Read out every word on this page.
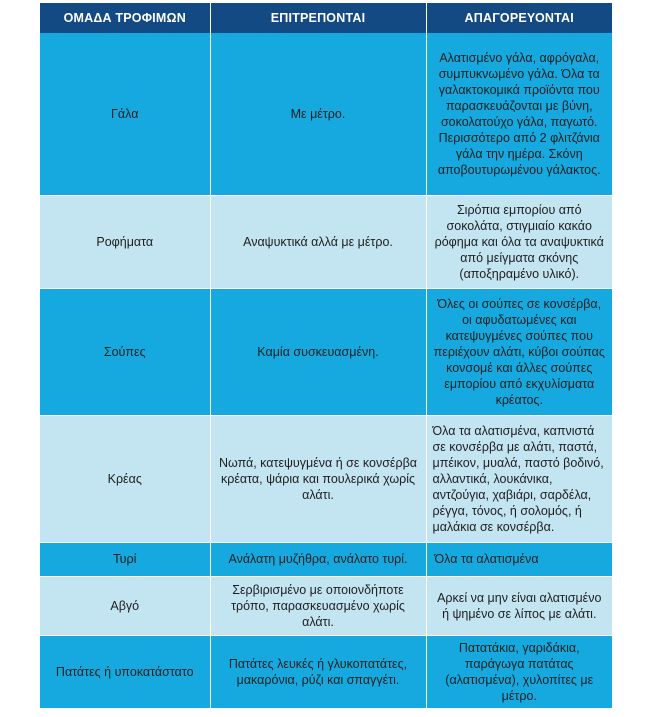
ΟΜΑΔΑ ΤΡΟΦΙΜΩΝ	ΕΠΙΤΡΕΠΟΝΤΑΙ	ΑΠΑΓΟΡΕΥΟΝΤΑΙ
Γάλα	Με μέτρο.	Αλατισμένο γάλα, αφρόγαλα, συμπυκνωμένο γάλα. Όλα τα γαλακτοκομικά προϊόντα που παρασκευάζονται με βύνη, σοκολατούχο γάλα, παγωτό. Περισσότερο από 2 φλιτζάνια γάλα την ημέρα. Σκόνη αποβουτυρωμένου γάλακτος.
Ροφήματα	Αναψυκτικά αλλά με μέτρο.	Σιρόπια εμπορίου από σοκολάτα, στιγμιαίο κακάο ρόφημα και όλα τα αναψυκτικά από μείγματα σκόνης (αποξηραμένο υλικό).
Σούπες	Καμία συσκευασμένη.	Όλες οι σούπες σε κονσέρβα, οι αφυδατωμένες και κατεψυγμένες σούπες που περιέχουν αλάτι, κύβοι σούπας κονσομέ και άλλες σούπες εμπορίου από εκχυλίσματα κρέατος.
Κρέας	Νωπά, κατεψυγμένα ή σε κονσέρβα κρέατα, ψάρια και πουλερικά χωρίς αλάτι.	Όλα τα αλατισμένα, καπνιστά σε κονσέρβα με αλάτι, παστά, μπέικον, μυαλά, παστό βοδινό, αλλαντικά, λουκάνικα, αντζούγια, χαβιάρι, σαρδέλα, ρέγγα, τόνος, ή σολομός, ή μαλάκια σε κονσέρβα.
Τυρί	Ανάλατη μυζήθρα, ανάλατο τυρί.	Όλα τα αλατισμένα
Αβγό	Σερβιρισμένο με οποιονδήποτε τρόπο, παρασκευασμένο χωρίς αλάτι.	Αρκεί να μην είναι αλατισμένο ή ψημένο σε λίπος με αλάτι.
Πατάτες ή υποκατάστατο	Πατάτες λευκές ή γλυκοπατάτες, μακαρόνια, ρύζι και σπαγγέτι.	Πατατάκια, γαριδάκια, παράγωγα πατάτας (αλατισμένα), χυλοπίτες με μέτρο.
